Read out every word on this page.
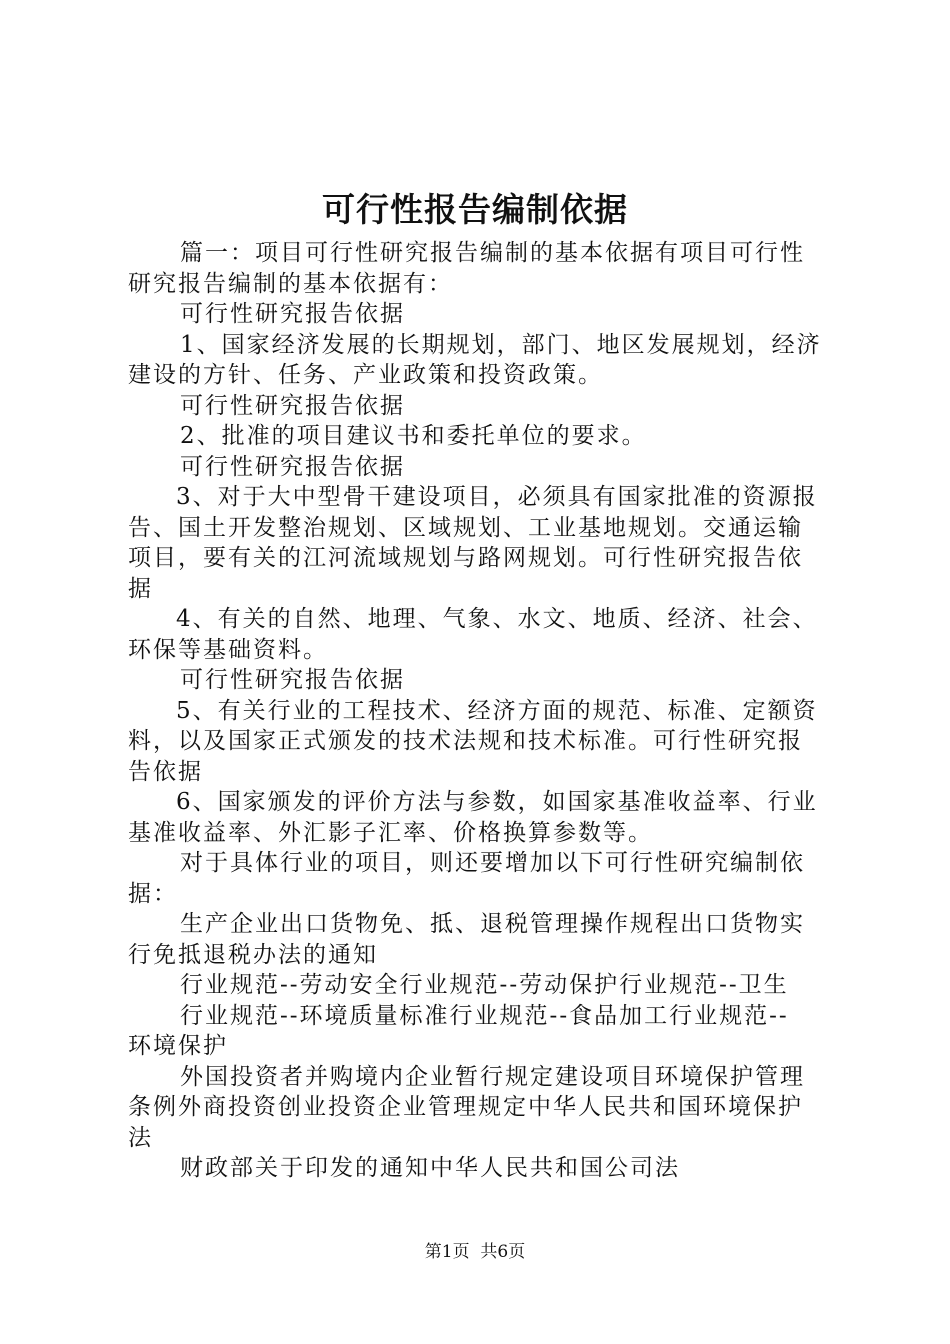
可行性报告编制依据
篇一：项目可行性研究报告编制的基本依据有项目可行性
研究报告编制的基本依据有：
可行性研究报告依据
1、国家经济发展的长期规划，部门、地区发展规划，经济
建设的方针、任务、产业政策和投资政策。
可行性研究报告依据
2、批准的项目建议书和委托单位的要求。
可行性研究报告依据
3、对于大中型骨干建设项目，必须具有国家批准的资源报
告、国土开发整治规划、区域规划、工业基地规划。交通运输
项目，要有关的江河流域规划与路网规划。可行性研究报告依
据
4、有关的自然、地理、气象、水文、地质、经济、社会、
环保等基础资料。
可行性研究报告依据
5、有关行业的工程技术、经济方面的规范、标准、定额资
料，以及国家正式颁发的技术法规和技术标准。可行性研究报
告依据
6、国家颁发的评价方法与参数，如国家基准收益率、行业
基准收益率、外汇影子汇率、价格换算参数等。
对于具体行业的项目，则还要增加以下可行性研究编制依
据：
生产企业出口货物免、抵、退税管理操作规程出口货物实
行免抵退税办法的通知
行业规范--劳动安全行业规范--劳动保护行业规范--卫生
行业规范--环境质量标准行业规范--食品加工行业规范--
环境保护
外国投资者并购境内企业暂行规定建设项目环境保护管理
条例外商投资创业投资企业管理规定中华人民共和国环境保护
法
财政部关于印发的通知中华人民共和国公司法
第1页 共6页
